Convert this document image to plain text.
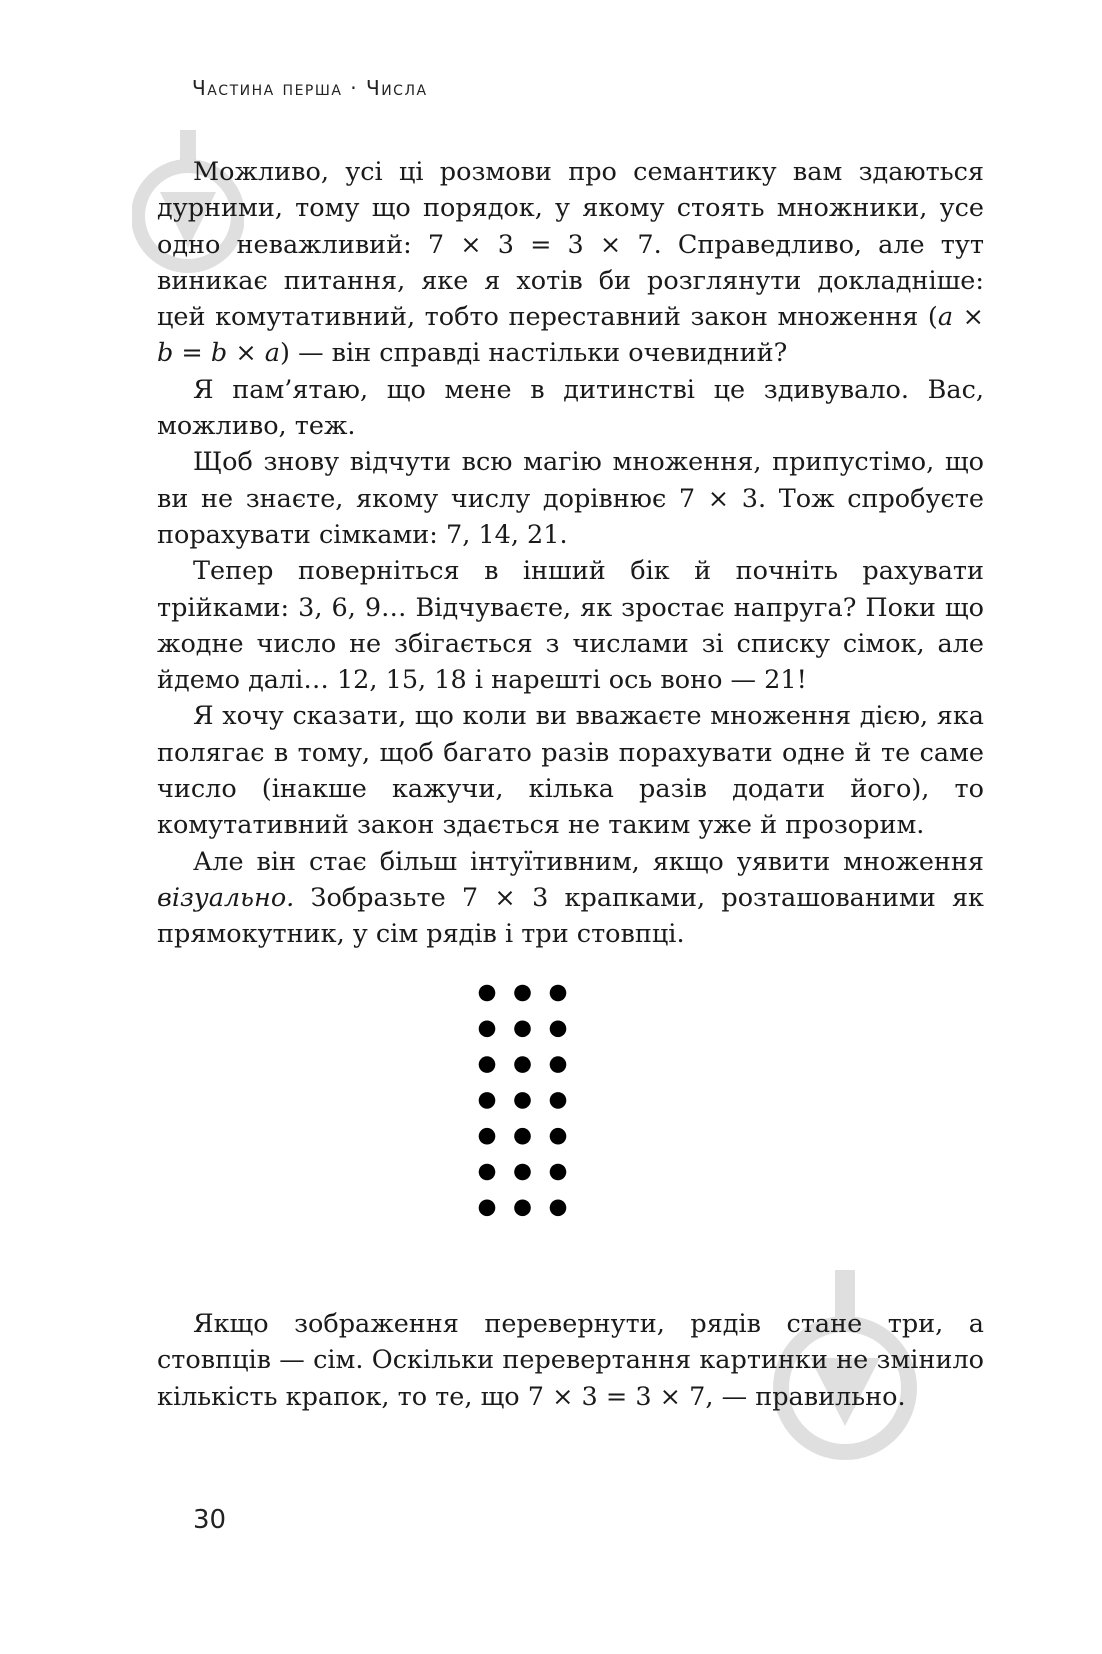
Частина перша · Числа

Можливо, усі ці розмови про семантику вам здаються дурними, тому що порядок, у якому стоять множники, усе одно неважливий: 7 × 3 = 3 × 7. Справедливо, але тут виникає питання, яке я хотів би розглянути докладніше: цей комутативний, тобто переставний закон множення (a × b = b × a) — він справді настільки очевидний?

Я пам’ятаю, що мене в дитинстві це здивувало. Вас, можливо, теж.

Щоб знову відчути всю магію множення, припустімо, що ви не знаєте, якому числу дорівнює 7 × 3. Тож спробуєте порахувати сімками: 7, 14, 21.

Тепер поверніться в інший бік й почніть рахувати трійками: 3, 6, 9… Відчуваєте, як зростає напруга? Поки що жодне число не збігається з числами зі списку сімок, але йдемо далі… 12, 15, 18 і нарешті ось воно — 21!

Я хочу сказати, що коли ви вважаєте множення дією, яка полягає в тому, щоб багато разів порахувати одне й те саме число (інакше кажучи, кілька разів додати його), то комутативний закон здається не таким уже й прозорим.

Але він стає більш інтуїтивним, якщо уявити множення візуально. Зобразьте 7 × 3 крапками, розташованими як прямокутник, у сім рядів і три стовпці.

Якщо зображення перевернути, рядів стане три, а стовпців — сім. Оскільки перевертання картинки не змінило кількість крапок, то те, що 7 × 3 = 3 × 7, — правильно.

30
